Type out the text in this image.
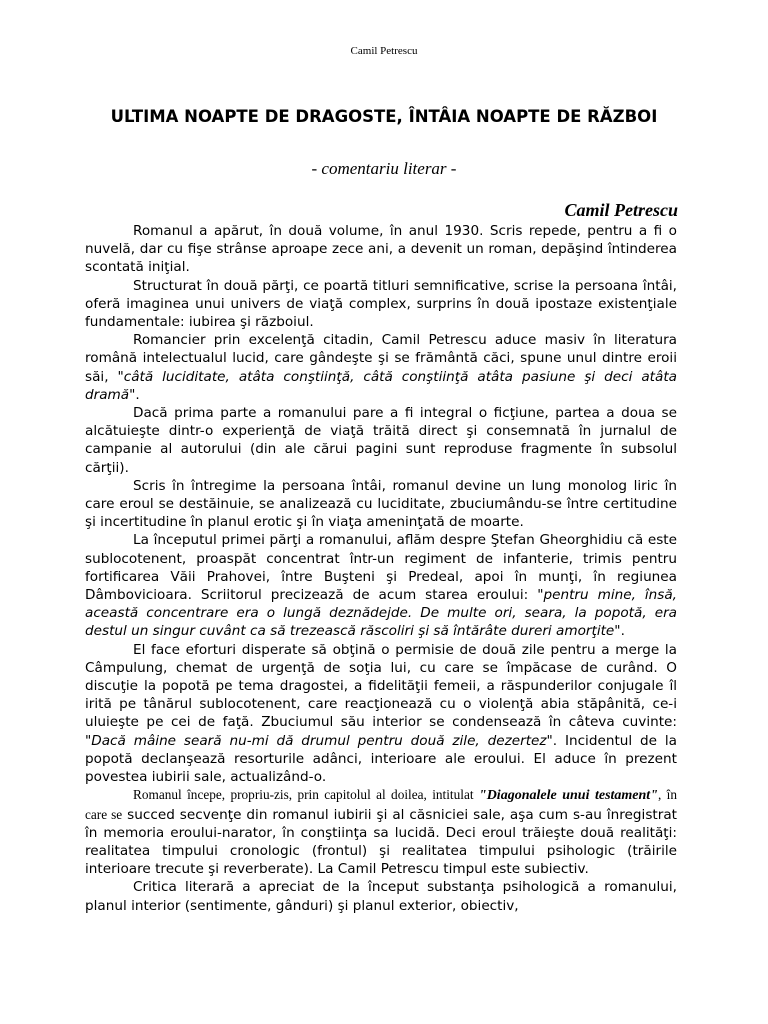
Camil Petrescu
ULTIMA NOAPTE DE DRAGOSTE, ÎNTÂIA NOAPTE DE RĂZBOI
- comentariu literar -
Camil Petrescu

Romanul a apărut, în două volume, în anul 1930. Scris repede, pentru a fi o nuvelă, dar cu fişe strânse aproape zece ani, a devenit un roman, depăşind întinderea scontată iniţial.

Structurat în două părţi, ce poartă titluri semnificative, scrise la persoana întâi, oferă imaginea unui univers de viaţă complex, surprins în două ipostaze existenţiale fundamentale: iubirea şi războiul.

Romancier prin excelenţă citadin, Camil Petrescu aduce masiv în literatura română intelectualul lucid, care gândeşte şi se frământă căci, spune unul dintre eroii săi, "câtă luciditate, atâta conştiinţă, câtă conştiinţă atâta pasiune şi deci atâta dramă".

Dacă prima parte a romanului pare a fi integral o ficţiune, partea a doua se alcătuieşte dintr-o experienţă de viaţă trăită direct şi consemnată în jurnalul de campanie al autorului (din ale cărui pagini sunt reproduse fragmente în subsolul cărţii).

Scris în întregime la persoana întâi, romanul devine un lung monolog liric în care eroul se destăinuie, se analizează cu luciditate, zbuciumându-se între certitudine şi incertitudine în planul erotic şi în viaţa ameninţată de moarte.

La începutul primei părţi a romanului, aflăm despre Ştefan Gheorghidiu că este sublocotenent, proaspăt concentrat într-un regiment de infanterie, trimis pentru fortificarea Văii Prahovei, între Buşteni şi Predeal, apoi în munţi, în regiunea Dâmbovicioara. Scriitorul precizează de acum starea eroului: "pentru mine, însă, această concentrare era o lungă deznădejde. De multe ori, seara, la popotă, era destul un singur cuvânt ca să trezească răscoliri şi să întărâte dureri amorţite".

El face eforturi disperate să obţină o permisie de două zile pentru a merge la Câmpulung, chemat de urgenţă de soţia lui, cu care se împăcase de curând. O discuţie la popotă pe tema dragostei, a fidelităţii femeii, a răspunderilor conjugale îl irită pe tânărul sublocotenent, care reacţionează cu o violenţă abia stăpânită, ce-i uluieşte pe cei de faţă. Zbuciumul său interior se condensează în câteva cuvinte: "Dacă mâine seară nu-mi dă drumul pentru două zile, dezertez". Incidentul de la popotă declanşează resorturile adânci, interioare ale eroului. El aduce în prezent povestea iubirii sale, actualizând-o.

Romanul începe, propriu-zis, prin capitolul al doilea, intitulat "Diagonalele unui testament", în care se succed secvenţe din romanul iubirii şi al căsniciei sale, aşa cum s-au înregistrat în memoria eroului-narator, în conştiinţa sa lucidă. Deci eroul trăieşte două realităţi: realitatea timpului cronologic (frontul) şi realitatea timpului psihologic (trăirile interioare trecute şi reverberate). La Camil Petrescu timpul este subiectiv.

Critica literară a apreciat de la început substanţa psihologică a romanului, planul interior (sentimente, gânduri) şi planul exterior, obiectiv,
